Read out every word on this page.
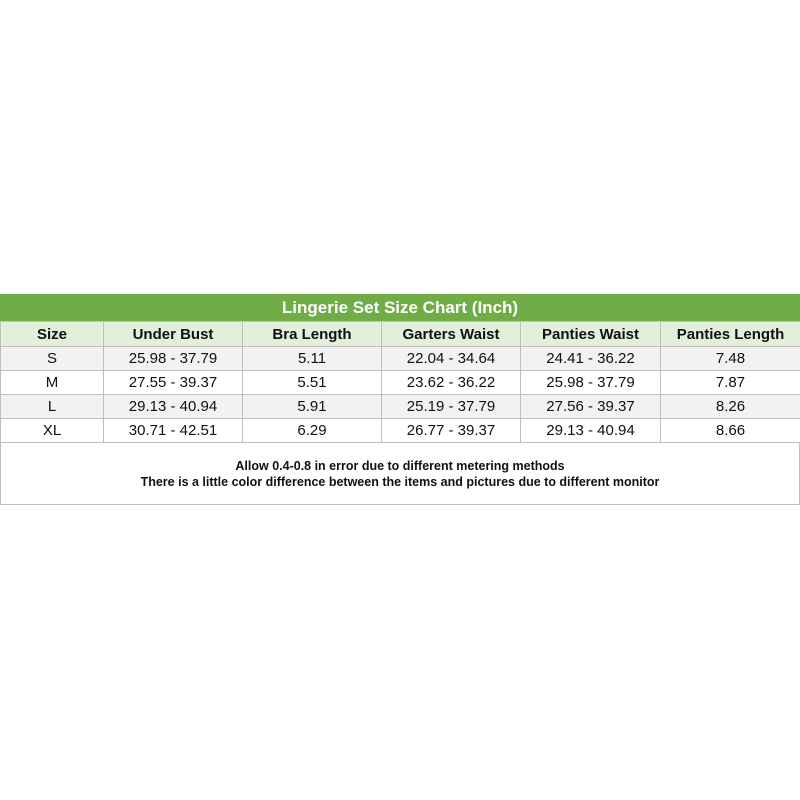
Lingerie Set Size Chart (Inch)
Size	Under Bust	Bra Length	Garters Waist	Panties Waist	Panties Length
S	25.98 - 37.79	5.11	22.04 - 34.64	24.41 - 36.22	7.48
M	27.55 - 39.37	5.51	23.62 - 36.22	25.98 - 37.79	7.87
L	29.13 - 40.94	5.91	25.19 - 37.79	27.56 - 39.37	8.26
XL	30.71 - 42.51	6.29	26.77 - 39.37	29.13 - 40.94	8.66
Allow 0.4-0.8 in error due to different metering methods
There is a little color difference between the items and pictures due to different monitor
